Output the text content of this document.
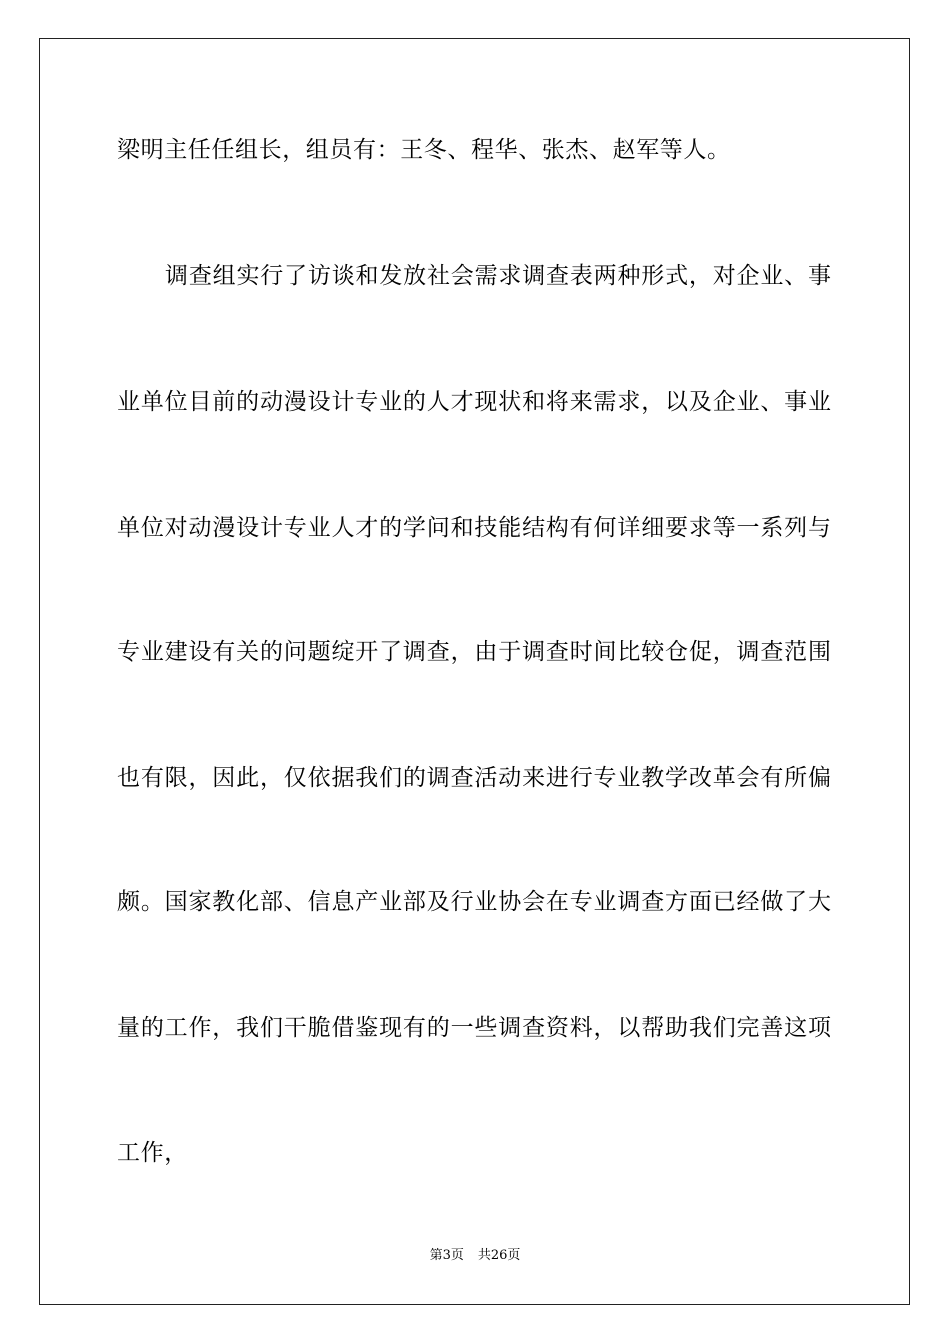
梁明主任任组长，组员有：王冬、程华、张杰、赵军等人。
调查组实行了访谈和发放社会需求调查表两种形式，对企业、事
业单位目前的动漫设计专业的人才现状和将来需求，以及企业、事业
单位对动漫设计专业人才的学问和技能结构有何详细要求等一系列与
专业建设有关的问题绽开了调查，由于调查时间比较仓促，调查范围
也有限，因此，仅依据我们的调查活动来进行专业教学改革会有所偏
颇。国家教化部、信息产业部及行业协会在专业调查方面已经做了大
量的工作，我们干脆借鉴现有的一些调查资料，以帮助我们完善这项
工作，
第3页 共26页
